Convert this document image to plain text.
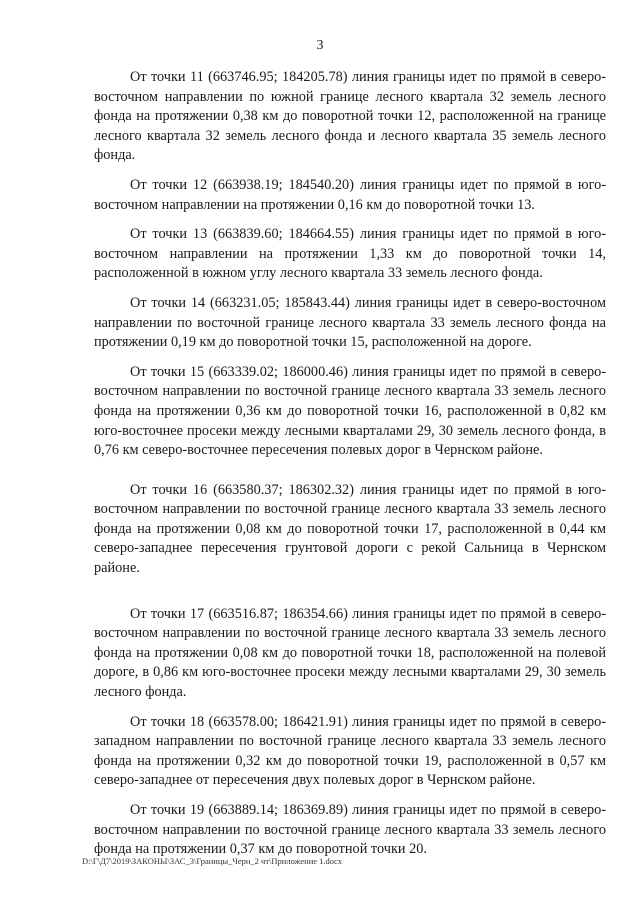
3

От точки 11 (663746.95; 184205.78) линия границы идет по прямой в северо-восточном направлении по южной границе лесного квартала 32 земель лесного фонда на протяжении 0,38 км до поворотной точки 12, расположенной на границе лесного квартала 32 земель лесного фонда и лесного квартала 35 земель лесного фонда.

От точки 12 (663938.19; 184540.20) линия границы идет по прямой в юго-восточном направлении на протяжении 0,16 км до поворотной точки 13.

От точки 13 (663839.60; 184664.55) линия границы идет по прямой в юго-восточном направлении на протяжении 1,33 км до поворотной точки 14, расположенной в южном углу лесного квартала 33 земель лесного фонда.

От точки 14 (663231.05; 185843.44) линия границы идет в северо-восточном направлении по восточной границе лесного квартала 33 земель лесного фонда на протяжении 0,19 км до поворотной точки 15, расположенной на дороге.

От точки 15 (663339.02; 186000.46) линия границы идет по прямой в северо-восточном направлении по восточной границе лесного квартала 33 земель лесного фонда на протяжении 0,36 км до поворотной точки 16, расположенной в 0,82 км юго-восточнее просеки между лесными кварталами 29, 30 земель лесного фонда, в 0,76 км северо-восточнее пересечения полевых дорог в Чернском районе.

От точки 16 (663580.37; 186302.32) линия границы идет по прямой в юго-восточном направлении по восточной границе лесного квартала 33 земель лесного фонда на протяжении 0,08 км до поворотной точки 17, расположенной в 0,44 км северо-западнее пересечения грунтовой дороги с рекой Сальница в Чернском районе.

От точки 17 (663516.87; 186354.66) линия границы идет по прямой в северо-восточном направлении по восточной границе лесного квартала 33 земель лесного фонда на протяжении 0,08 км до поворотной точки 18, расположенной на полевой дороге, в 0,86 км юго-восточнее просеки между лесными кварталами 29, 30 земель лесного фонда.

От точки 18 (663578.00; 186421.91) линия границы идет по прямой в северо-западном направлении по восточной границе лесного квартала 33 земель лесного фонда на протяжении 0,32 км до поворотной точки 19, расположенной в 0,57 км северо-западнее от пересечения двух полевых дорог в Чернском районе.

От точки 19 (663889.14; 186369.89) линия границы идет по прямой в северо-восточном направлении по восточной границе лесного квартала 33 земель лесного фонда на протяжении 0,37 км до поворотной точки 20.

D:\Г\Д7\2019\ЗАКОНЫ\ЗАС_3\Границы_Черн_2 чт\Приложение 1.docx
